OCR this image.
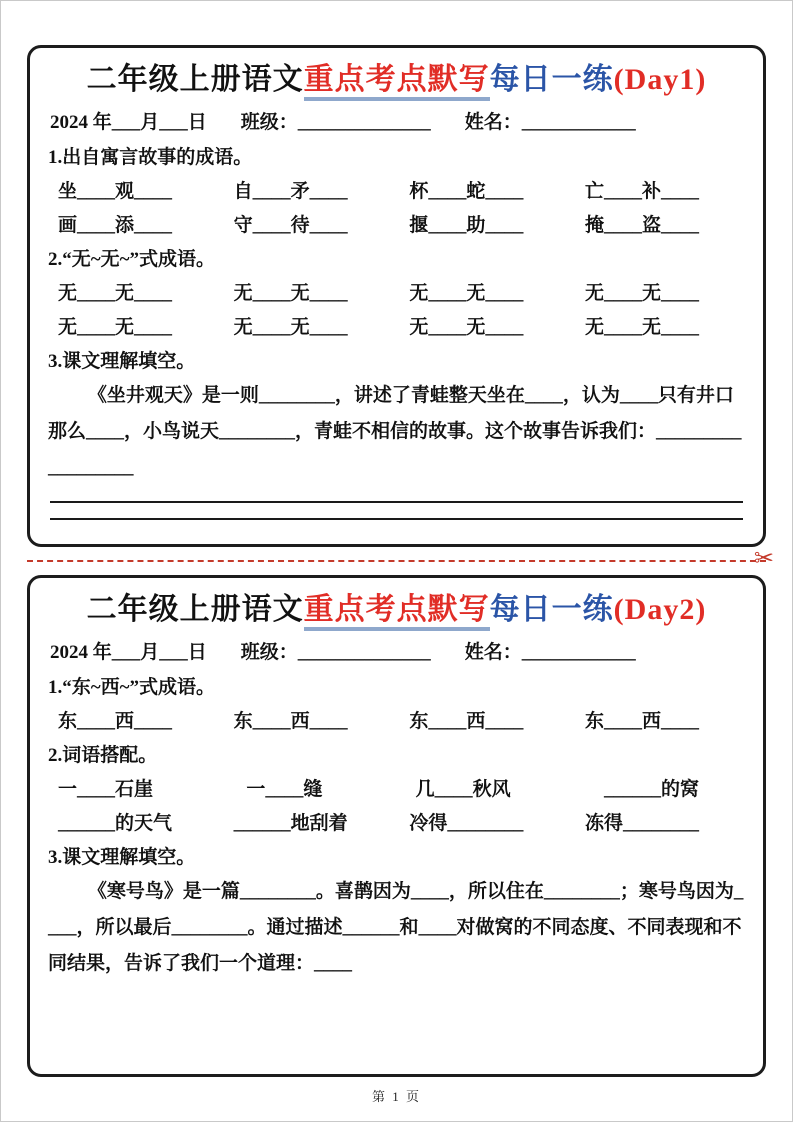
二年级上册语文重点考点默写每日一练(Day1)
2024 年___月___日 班级：______________ 姓名：____________
1.出自寓言故事的成语。
坐____观____	自____矛____	杯____蛇____	亡____补____
画____添____	守____待____	揠____助____	掩____盗____
2.“无~无~”式成语。
无____无____	无____无____	无____无____	无____无____
无____无____	无____无____	无____无____	无____无____
3.课文理解填空。

《坐井观天》是一则________，讲述了青蛙整天坐在____，认为____只有井口那么____，小鸟说天________，青蛙不相信的故事。这个故事告诉我们：__________________

✂
二年级上册语文重点考点默写每日一练(Day2)
2024 年___月___日 班级：______________ 姓名：____________
1.“东~西~”式成语。
东____西____	东____西____	东____西____	东____西____
2.词语搭配。
一____石崖	一____缝	几____秋风	______的窝
______的天气	______地刮着	冷得________	冻得________
3.课文理解填空。

《寒号鸟》是一篇________。喜鹊因为____，所以住在________；寒号鸟因为____，所以最后________。通过描述______和____对做窝的不同态度、不同表现和不同结果，告诉了我们一个道理：____

第 1 页
